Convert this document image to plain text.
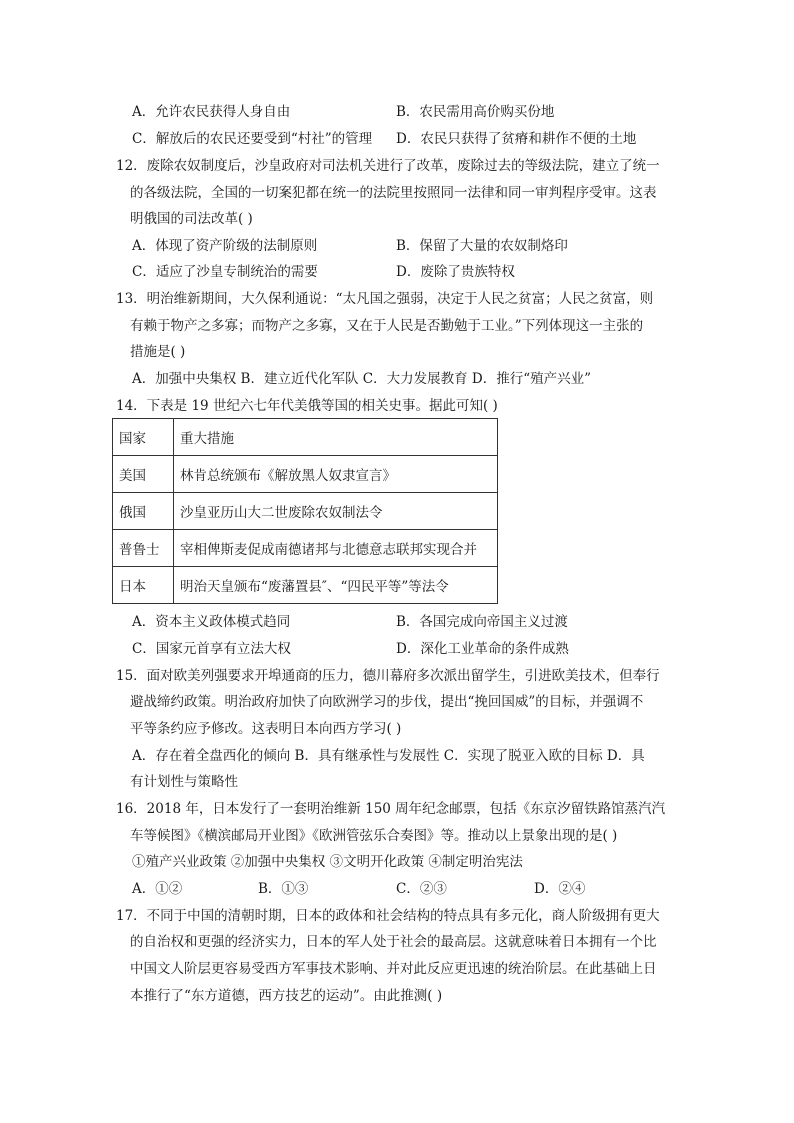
A．允许农民获得人身自由	B．农民需用高价购买份地
C．解放后的农民还要受到“村社”的管理 D．农民只获得了贫瘠和耕作不便的土地
12．废除农奴制度后，沙皇政府对司法机关进行了改革，废除过去的等级法院，建立了统一
的各级法院，全国的一切案犯都在统一的法院里按照同一法律和同一审判程序受审。这表
明俄国的司法改革( )
A．体现了资产阶级的法制原则	B．保留了大量的农奴制烙印
C．适应了沙皇专制统治的需要	D．废除了贵族特权
13．明治维新期间，大久保利通说：“太凡国之强弱，决定于人民之贫富；人民之贫富，则
有赖于物产之多寡；而物产之多寡，又在于人民是否勤勉于工业。”下列体现这一主张的
措施是( )
A．加强中央集权 B．建立近代化军队 C．大力发展教育 D．推行“殖产兴业”
14．下表是 19 世纪六七年代美俄等国的相关史事。据此可知( )
国家	重大措施
美国	林肯总统颁布《解放黑人奴隶宣言》
俄国	沙皇亚历山大二世废除农奴制法令
普鲁士	宰相俾斯麦促成南德诸邦与北德意志联邦实现合并
日本	明治天皇颁布“废藩置县″、“四民平等”等法令
A．资本主义政体模式趋同	B．各国完成向帝国主义过渡
C．国家元首享有立法大权	D．深化工业革命的条件成熟
15．面对欧美列强要求开埠通商的压力，德川幕府多次派出留学生，引进欧美技术，但奉行
避战缔约政策。明治政府加快了向欧洲学习的步伐，提出“挽回国威”的目标，并强调不
平等条约应予修改。这表明日本向西方学习( )
A．存在着全盘西化的倾向 B．具有继承性与发展性 C．实现了脱亚入欧的目标 D．具
有计划性与策略性
16．2018 年，日本发行了一套明治维新 150 周年纪念邮票，包括《东京汐留铁路馆蒸汽汽
车等候图》《横滨邮局开业图》《欧洲管弦乐合奏图》等。推动以上景象出现的是( )
①殖产兴业政策 ②加强中央集权 ③文明开化政策 ④制定明治宪法
A．①②	B．①③	C．②③	D．②④
17．不同于中国的清朝时期，日本的政体和社会结构的特点具有多元化，商人阶级拥有更大
的自治权和更强的经济实力，日本的军人处于社会的最高层。这就意味着日本拥有一个比
中国文人阶层更容易受西方军事技术影响、并对此反应更迅速的统治阶层。在此基础上日
本推行了“东方道德，西方技艺的运动”。由此推测( )
